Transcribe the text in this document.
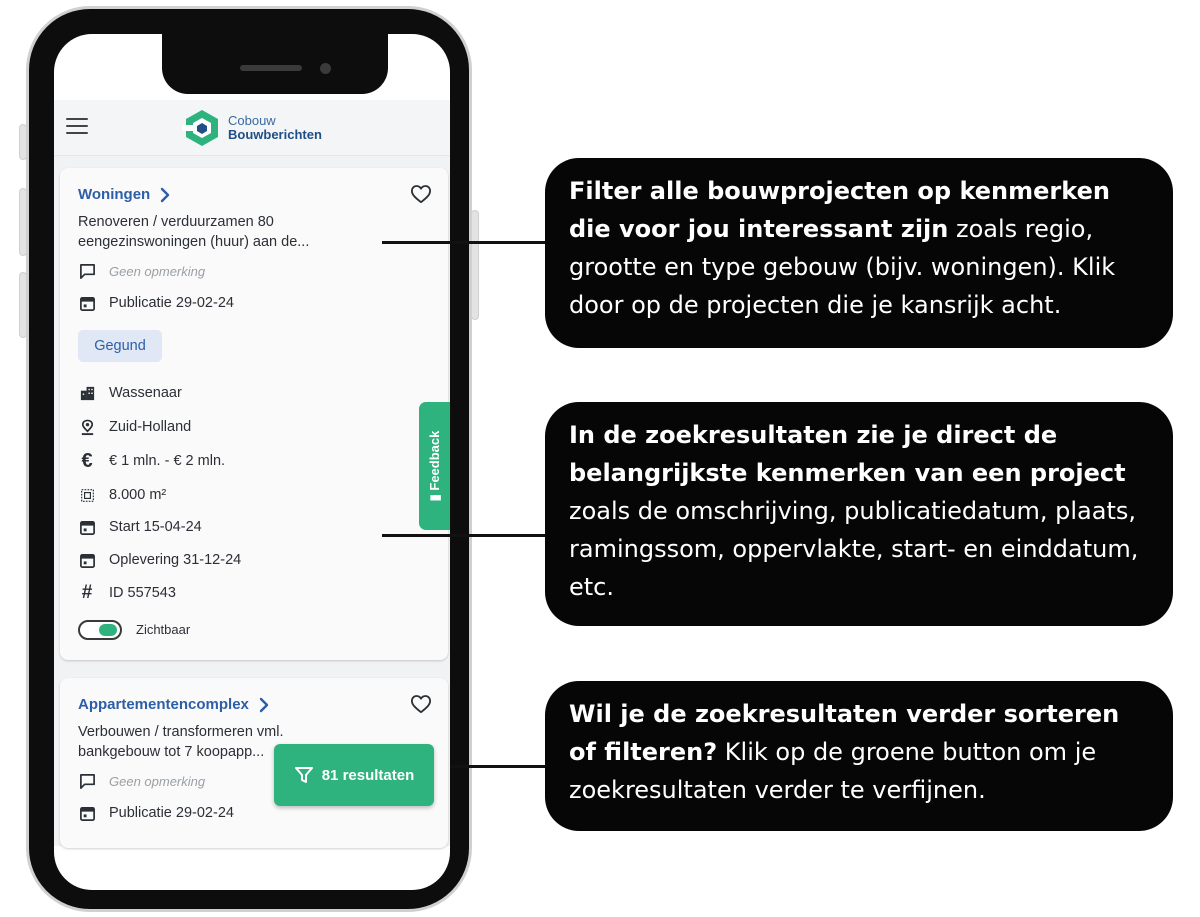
Cobouw
Bouwberichten
Woningen
Renoveren / verduurzamen 80 eengezinswoningen (huur) aan de...
Geen opmerking
Publicatie 29-02-24
Gegund
Wassenaar
Zuid-Holland
€ € 1 mln. - € 2 mln.
8.000 m²
Start 15-04-24
Oplevering 31-12-24
# ID 557543
Zichtbaar
Appartementencomplex
Verbouwen / transformeren vml. bankgebouw tot 7 koopapp...
Geen opmerking
Publicatie 29-02-24
▮ Feedback
81 resultaten
Filter alle bouwprojecten op kenmerken die voor jou interessant zijn zoals regio, grootte en type gebouw (bijv. woningen). Klik door op de projecten die je kansrijk acht.
In de zoekresultaten zie je direct de belangrijkste kenmerken van een project zoals de omschrijving, publicatiedatum, plaats, ramingssom, oppervlakte, start- en einddatum, etc.
Wil je de zoekresultaten verder sorteren of filteren? Klik op de groene button om je zoekresultaten verder te verfijnen.
